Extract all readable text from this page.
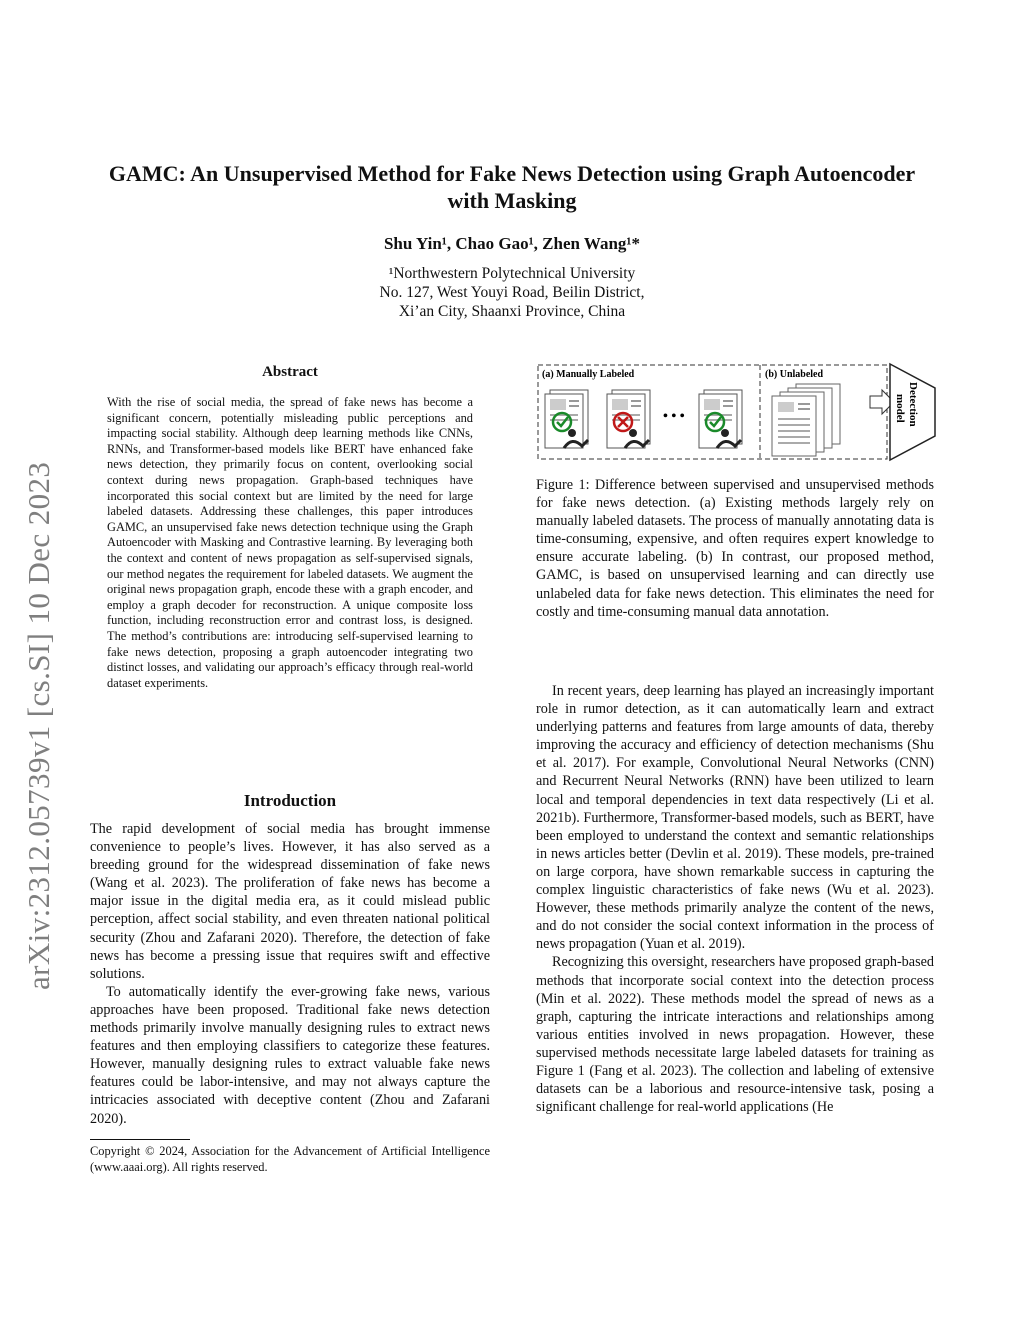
arXiv:2312.05739v1 [cs.SI] 10 Dec 2023
GAMC: An Unsupervised Method for Fake News Detection using Graph Autoencoder with Masking
Shu Yin¹, Chao Gao¹, Zhen Wang¹*
¹Northwestern Polytechnical University
No. 127, West Youyi Road, Beilin District,
Xi’an City, Shaanxi Province, China
Abstract
With the rise of social media, the spread of fake news has become a significant concern, potentially misleading public perceptions and impacting social stability. Although deep learning methods like CNNs, RNNs, and Transformer-based models like BERT have enhanced fake news detection, they primarily focus on content, overlooking social context during news propagation. Graph-based techniques have incorporated this social context but are limited by the need for large labeled datasets. Addressing these challenges, this paper introduces GAMC, an unsupervised fake news detection technique using the Graph Autoencoder with Masking and Contrastive learning. By leveraging both the context and content of news propagation as self-supervised signals, our method negates the requirement for labeled datasets. We augment the original news propagation graph, encode these with a graph encoder, and employ a graph decoder for reconstruction. A unique composite loss function, including reconstruction error and contrast loss, is designed. The method’s contributions are: introducing self-supervised learning to fake news detection, proposing a graph autoencoder integrating two distinct losses, and validating our approach’s efficacy through real-world dataset experiments.
Introduction

The rapid development of social media has brought immense convenience to people’s lives. However, it has also served as a breeding ground for the widespread dissemination of fake news (Wang et al. 2023). The proliferation of fake news has become a major issue in the digital media era, as it could mislead public perception, affect social stability, and even threaten national political security (Zhou and Zafarani 2020). Therefore, the detection of fake news has become a pressing issue that requires swift and effective solutions.

To automatically identify the ever-growing fake news, various approaches have been proposed. Traditional fake news detection methods primarily involve manually designing rules to extract news features and then employing classifiers to categorize these features. However, manually designing rules to extract valuable fake news features could be labor-intensive, and may not always capture the intricacies associated with deceptive content (Zhou and Zafarani 2020).

Copyright © 2024, Association for the Advancement of Artificial Intelligence (www.aaai.org). All rights reserved.
(a) Manually Labeled	(b) Unlabeled
• • •	Detection
model
Figure 1: Difference between supervised and unsupervised methods for fake news detection. (a) Existing methods largely rely on manually labeled datasets. The process of manually annotating data is time-consuming, expensive, and often requires expert knowledge to ensure accurate labeling. (b) In contrast, our proposed method, GAMC, is based on unsupervised learning and can directly use unlabeled data for fake news detection. This eliminates the need for costly and time-consuming manual data annotation.

In recent years, deep learning has played an increasingly important role in rumor detection, as it can automatically learn and extract underlying patterns and features from large amounts of data, thereby improving the accuracy and efficiency of detection mechanisms (Shu et al. 2017). For example, Convolutional Neural Networks (CNN) and Recurrent Neural Networks (RNN) have been utilized to learn local and temporal dependencies in text data respectively (Li et al. 2021b). Furthermore, Transformer-based models, such as BERT, have been employed to understand the context and semantic relationships in news articles better (Devlin et al. 2019). These models, pre-trained on large corpora, have shown remarkable success in capturing the complex linguistic characteristics of fake news (Wu et al. 2023). However, these methods primarily analyze the content of the news, and do not consider the social context information in the process of news propagation (Yuan et al. 2019).

Recognizing this oversight, researchers have proposed graph-based methods that incorporate social context into the detection process (Min et al. 2022). These methods model the spread of news as a graph, capturing the intricate interactions and relationships among various entities involved in news propagation. However, these supervised methods necessitate large labeled datasets for training as Figure 1 (Fang et al. 2023). The collection and labeling of extensive datasets can be a laborious and resource-intensive task, posing a significant challenge for real-world applications (He
